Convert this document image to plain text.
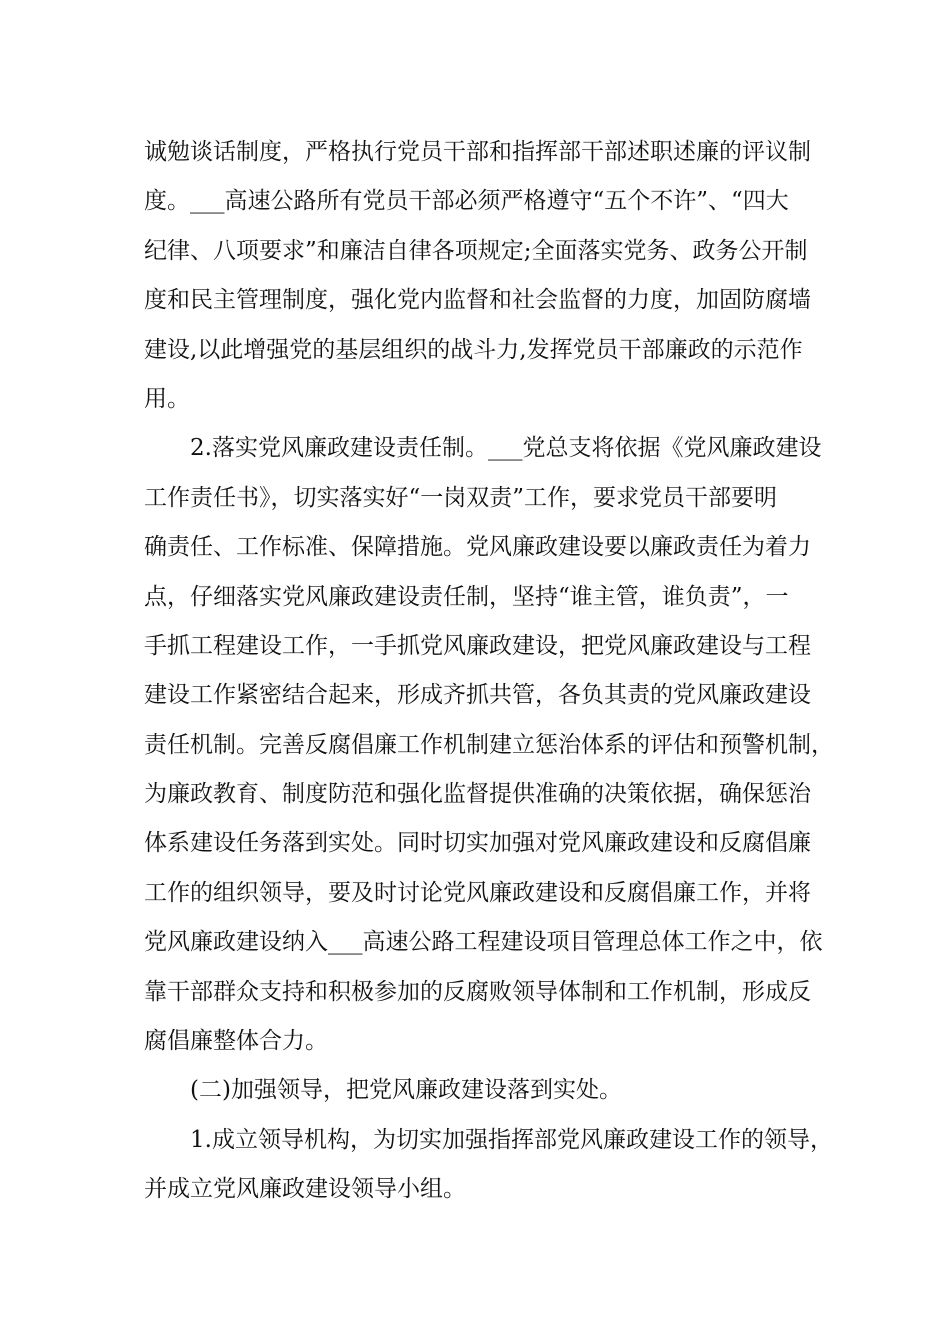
诚勉谈话制度，严格执行党员干部和指挥部干部述职述廉的评议制
度。___高速公路所有党员干部必须严格遵守“五个不许”、“四大
纪律、八项要求”和廉洁自律各项规定;全面落实党务、政务公开制
度和民主管理制度，强化党内监督和社会监督的力度，加固防腐墙
建设,以此增强党的基层组织的战斗力,发挥党员干部廉政的示范作
用。
2.落实党风廉政建设责任制。___党总支将依据《党风廉政建设
工作责任书》，切实落实好“一岗双责”工作，要求党员干部要明
确责任、工作标准、保障措施。党风廉政建设要以廉政责任为着力
点，仔细落实党风廉政建设责任制，坚持“谁主管，谁负责”，一
手抓工程建设工作，一手抓党风廉政建设，把党风廉政建设与工程
建设工作紧密结合起来，形成齐抓共管，各负其责的党风廉政建设
责任机制。完善反腐倡廉工作机制建立惩治体系的评估和预警机制，
为廉政教育、制度防范和强化监督提供准确的决策依据，确保惩治
体系建设任务落到实处。同时切实加强对党风廉政建设和反腐倡廉
工作的组织领导，要及时讨论党风廉政建设和反腐倡廉工作，并将
党风廉政建设纳入___高速公路工程建设项目管理总体工作之中，依
靠干部群众支持和积极参加的反腐败领导体制和工作机制，形成反
腐倡廉整体合力。
(二)加强领导，把党风廉政建设落到实处。
1.成立领导机构，为切实加强指挥部党风廉政建设工作的领导，
并成立党风廉政建设领导小组。
